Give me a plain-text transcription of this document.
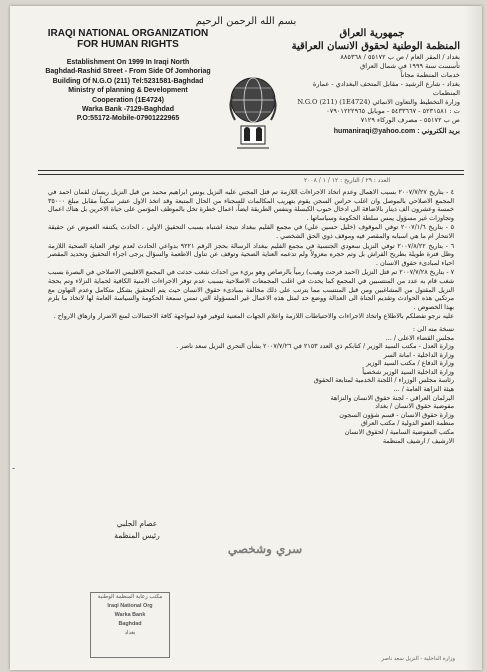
بسم الله الرحمن الرحيم
IRAQI NATIONAL ORGANIZATION
FOR HUMAN RIGHTS
Establishment On 1999 In Iraqi North
Baghdad-Rashid Street - From Side Of Jomhoriag
Building Of N.G.O (211) Tel:5231581-Baghdad
Ministry of planning & Development
Cooperation (1E4724)
Warka Bank -7129-Baghdad
P.O:55172-Mobile-07901222965
جمهورية العراق
المنظمة الوطنية لحقوق الانسان العراقية
بغداد / المقر العام / ص ب ٥٥١٧٢ / ٨٨٥٣٦٨
تأسست سنة ١٩٩٩ في شمال العراق
خدمات المنظمة مجاناً
بغداد - شارع الرشيد - مقابل المتحف البغدادي - عمارة المنظمات
وزارة التخطيط والتعاون الانمائي N.G.O (211) (1E4724)
ت : ٥٢٣١٥٨١ - ٥٤٣٣٦٦٧ - موبايل ٠٧٩٠١٢٢٢٩٦٥
ص ب ٥٥١٧٢ - مصرف الوركاء ٧١٢٩
بريد الكتروني : humaniraqi@yahoo.com
العدد : ٢٩ / التاريخ : ١٢ / ١ / ٢٠٠٨

٤ - بتاريخ ٢٠٠٧/٧/٢٧ بسبب الاهمال وعدم اتخاذ الاجراءات اللازمة تم قتل المجني عليه النزيل يونس ابراهيم محمد من قبل النزيل ريسان لقمان احمد في المجمع الاصلاحي بالموصل وان اغلب حراس السجن يقوم بتهريب المكالمات للسجناء من الحال المتبعة وقد اتخذ الاول عشر سكيناً مقابل مبلغ ٣٥٠٠٠ خمسة وعشرون الف دينار بالاضافة الى ادخال حبوب الكبسلة وبنفس الطريقة ايضاً، اعمال خطرة تخل بالموظف المؤتمن على حياة الاخرين بل هناك اعمال وتجاوزات غير مسؤول يمس سلطة الحكومة وسياساتها .

٥ - بتاريخ ٢٠٠٧/١/٦ توفي الموقوف (خليل حسين علي) في مجمع الفليم ببغداد نتيجة اشتباه بسبب التحقيق الاولي ، الحادث يكتنفه الغموض عن حقيقة الانتحار ام ما هي اسبابه والمقصر فيه وموقف ذوي الحق الشخصي .

٦ - بتاريخ ٢٠٠٧/٨/٢٢ توفي النزيل سعودي الجنسية في مجمع الفليم ببغداد الرسالة بحجز الرقم ٩٢٢١ بدواعي الحادث لعدم توفر العناية الصحية اللازمة وظل فترة طويلة بطريح الفراش بل وتم حجره معزولاً ولم تدعمه العناية الصحية وتوقف عن تناول الاطعمة والسؤال يرجى اجراء التحقيق وتحديد المقصر احياء لمبادىء حقوق الانسان .

٧ - بتاريخ ٢٠٠٧/٧/٢٨ تم قتل النزيل (احمد فرحت وهيب) رمياً بالرصاص وهو بريء من احداث شغب حدثت في المجمع الاقليمي الاصلاحي في البصرة بسبب شغب قام به عدد من المنتسبين في المجمع كما يحدث في اغلب المجمعات الاصلاحية بسبب عدم توفر الاجراءات الامنية الكافية لحماية النزلاء وتم بحجة النزيل المقتول من المشاغبين ومن قبل المنتسب مما يترتب على ذلك مخالفة بمبادىء حقوق الانسان حيث يتم التحقيق بشكل متكامل وعدم التهاون مع مرتكبي هذه الحوادث وتقديم الجناة الى العدالة ووضع حد لمثل هذه الاعمال غير المسؤولة التي تمس سمعة الحكومة والسياسة العامة لها لاتخاذ ما يلزم بهذا الخصوص .

عليه نرجو تفضلكم بالاطلاع واتخاذ الاجراءات والاحتياطات اللازمة واعلام الجهات المعنية لتوفير قوة لمواجهة كافة الاحتمالات لمنع الاضرار وازهاق الارواح .

نسخة منه الى :
مجلس القضاء الاعلى / ...
وزارة العدل - مكتب السيد الوزير / كتابكم ذي العدد ٢١٥٣ في ٢٠٠٧/٧/٢٦ بشأن التحري النزيل سعد ناصر .
وزارة الداخلية - امانة السر
وزارة الدفاع / مكتب السيد الوزير
وزارة الداخلية السيد الوزير شخصياً
رئاسة مجلس الوزراء / اللجنة الخدمية لمتابعة الحقوق
هيئة النزاهة العامة / ...
البرلمان العراقي - لجنة حقوق الانسان والنزاهة
مفوضية حقوق الانسان / بغداد
وزارة حقوق الانسان - قسم شؤون السجون
منظمة العفو الدولية / مكتب العراق
مكتب المفوضية السامية / لحقوق الانسان
الارشيف / ارشيف المنظمة
عصام الجلبي
رئيس المنظمة
سري وشخصي
مكتب رعاية المنظمة الوطنية
Iraqi National Org
Warka Bank
Baghdad
بغداد
وزارة الداخلية - النزيل سعد ناصر
-
